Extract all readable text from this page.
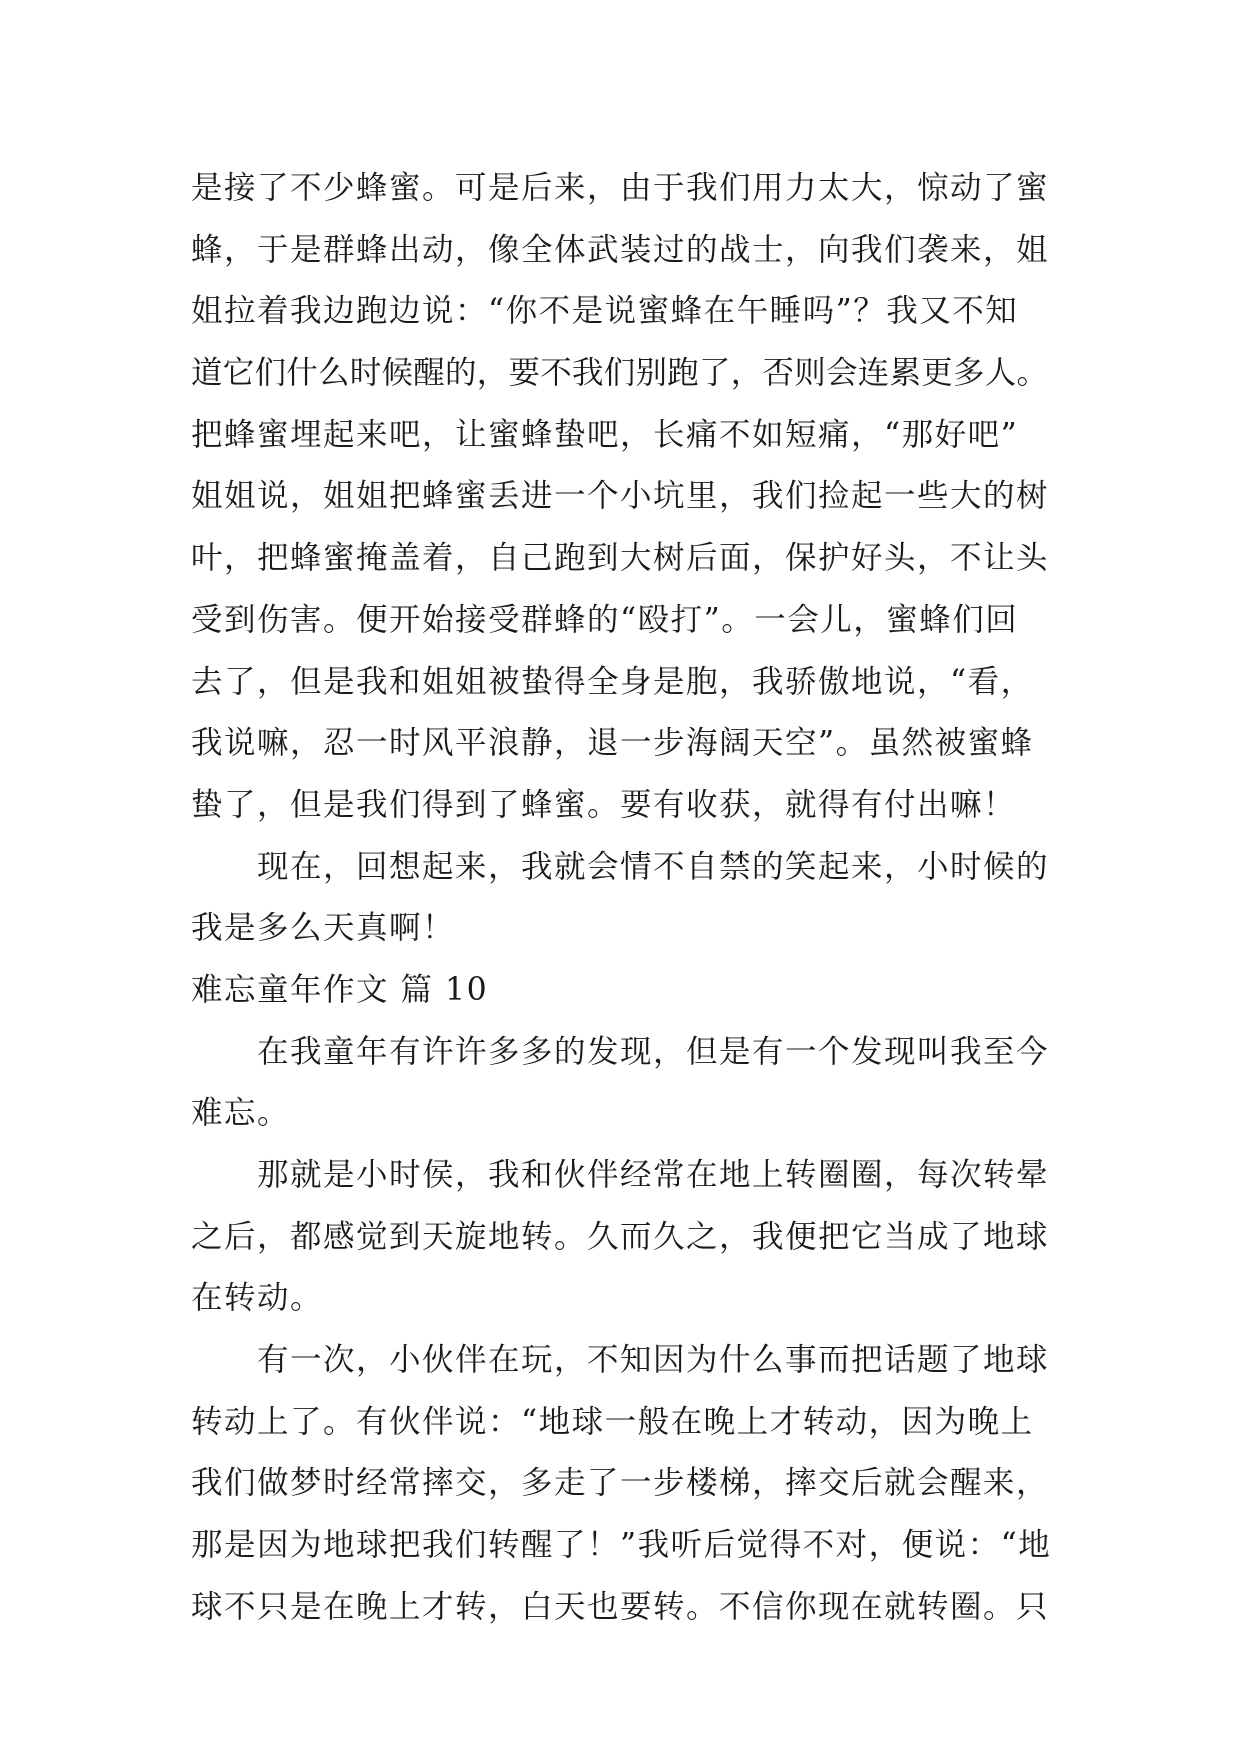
是接了不少蜂蜜。可是后来，由于我们用力太大，惊动了蜜
蜂，于是群蜂出动，像全体武装过的战士，向我们袭来，姐
姐拉着我边跑边说：“你不是说蜜蜂在午睡吗”？我又不知
道它们什么时候醒的，要不我们别跑了，否则会连累更多人。
把蜂蜜埋起来吧，让蜜蜂蛰吧，长痛不如短痛，“那好吧”
姐姐说，姐姐把蜂蜜丢进一个小坑里，我们捡起一些大的树
叶，把蜂蜜掩盖着，自己跑到大树后面，保护好头，不让头
受到伤害。便开始接受群蜂的“殴打”。一会儿，蜜蜂们回
去了，但是我和姐姐被蛰得全身是胞，我骄傲地说，“看，
我说嘛，忍一时风平浪静，退一步海阔天空”。虽然被蜜蜂
蛰了，但是我们得到了蜂蜜。要有收获，就得有付出嘛！
现在，回想起来，我就会情不自禁的笑起来，小时候的
我是多么天真啊！
难忘童年作文 篇 10
在我童年有许许多多的发现，但是有一个发现叫我至今
难忘。
那就是小时侯，我和伙伴经常在地上转圈圈，每次转晕
之后，都感觉到天旋地转。久而久之，我便把它当成了地球
在转动。
有一次，小伙伴在玩，不知因为什么事而把话题了地球
转动上了。有伙伴说：“地球一般在晚上才转动，因为晚上
我们做梦时经常摔交，多走了一步楼梯，摔交后就会醒来，
那是因为地球把我们转醒了！”我听后觉得不对，便说：“地
球不只是在晚上才转，白天也要转。不信你现在就转圈。只
